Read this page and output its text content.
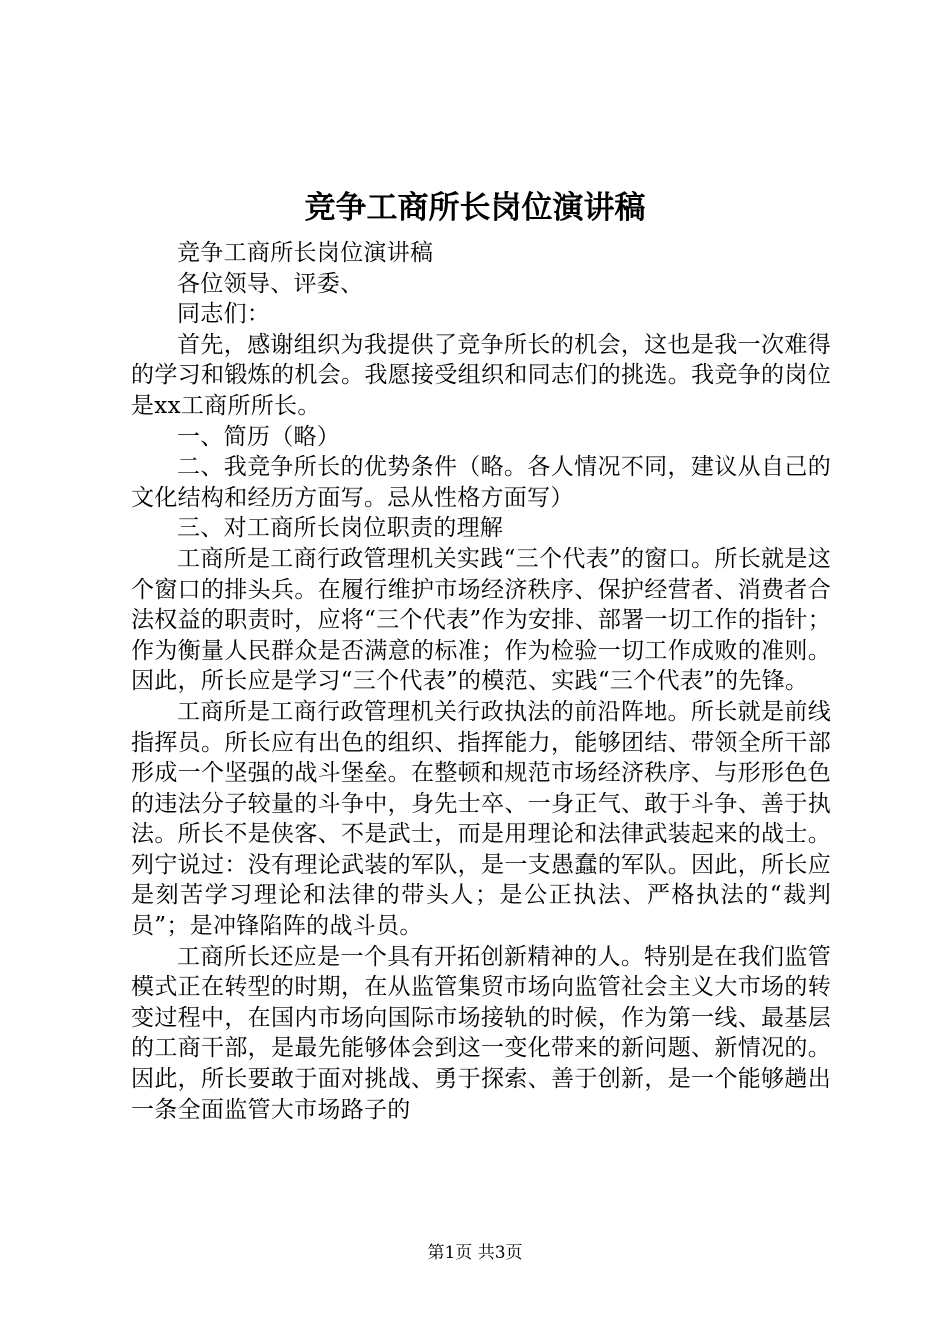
竞争工商所长岗位演讲稿

竞争工商所长岗位演讲稿

各位领导、评委、

同志们：

首先，感谢组织为我提供了竞争所长的机会，这也是我一次难得的学习和锻炼的机会。我愿接受组织和同志们的挑选。我竞争的岗位是xx工商所所长。

一、简历（略）

二、我竞争所长的优势条件（略。各人情况不同，建议从自己的文化结构和经历方面写。忌从性格方面写）

三、对工商所长岗位职责的理解

工商所是工商行政管理机关实践“三个代表”的窗口。所长就是这个窗口的排头兵。在履行维护市场经济秩序、保护经营者、消费者合法权益的职责时，应将“三个代表”作为安排、部署一切工作的指针；作为衡量人民群众是否满意的标准；作为检验一切工作成败的准则。因此，所长应是学习“三个代表”的模范、实践“三个代表”的先锋。

工商所是工商行政管理机关行政执法的前沿阵地。所长就是前线指挥员。所长应有出色的组织、指挥能力，能够团结、带领全所干部形成一个坚强的战斗堡垒。在整顿和规范市场经济秩序、与形形色色的违法分子较量的斗争中，身先士卒、一身正气、敢于斗争、善于执法。所长不是侠客、不是武士，而是用理论和法律武装起来的战士。列宁说过：没有理论武装的军队，是一支愚蠢的军队。因此，所长应是刻苦学习理论和法律的带头人；是公正执法、严格执法的“裁判员”；是冲锋陷阵的战斗员。

工商所长还应是一个具有开拓创新精神的人。特别是在我们监管模式正在转型的时期，在从监管集贸市场向监管社会主义大市场的转变过程中，在国内市场向国际市场接轨的时候，作为第一线、最基层的工商干部，是最先能够体会到这一变化带来的新问题、新情况的。因此，所长要敢于面对挑战、勇于探索、善于创新，是一个能够趟出一条全面监管大市场路子的

第1页 共3页
